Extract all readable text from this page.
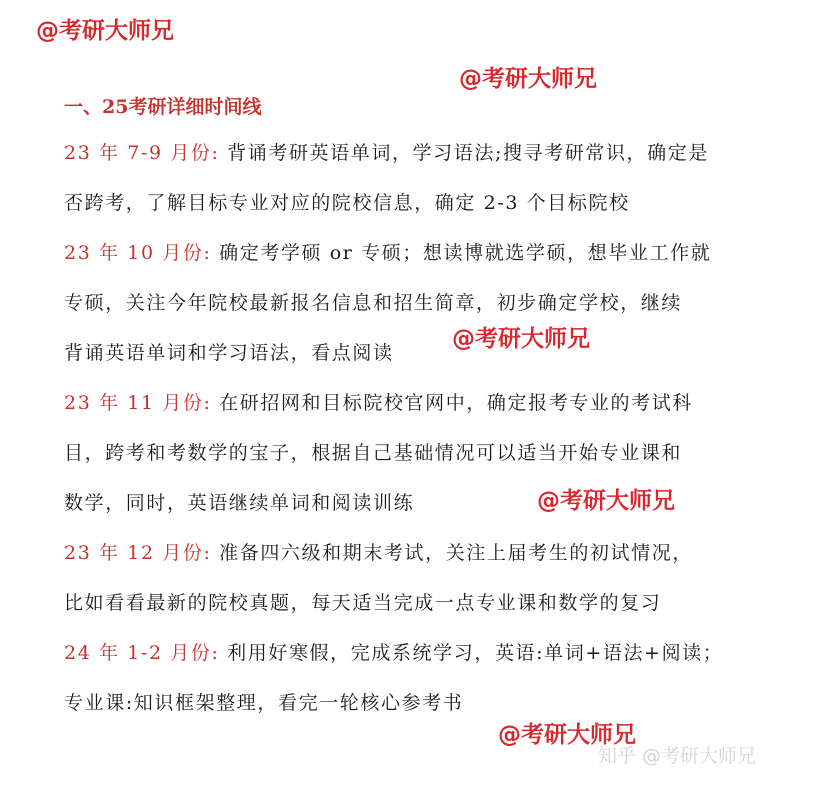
@考研大师兄
@考研大师兄
一、25考研详细时间线

23 年 7-9 月份: 背诵考研英语单词，学习语法;搜寻考研常识，确定是
否跨考，了解目标专业对应的院校信息，确定 2-3 个目标院校

23 年 10 月份: 确定考学硕 or 专硕；想读博就选学硕，想毕业工作就
专硕，关注今年院校最新报名信息和招生简章，初步确定学校，继续
背诵英语单词和学习语法，看点阅读

23 年 11 月份: 在研招网和目标院校官网中，确定报考专业的考试科
目，跨考和考数学的宝子，根据自己基础情况可以适当开始专业课和
数学，同时，英语继续单词和阅读训练

23 年 12 月份: 准备四六级和期末考试，关注上届考生的初试情况，
比如看看最新的院校真题，每天适当完成一点专业课和数学的复习

24 年 1-2 月份: 利用好寒假，完成系统学习，英语:单词+语法+阅读；
专业课:知识框架整理，看完一轮核心参考书

@考研大师兄
@考研大师兄
@考研大师兄
知乎 @考研大师兄
